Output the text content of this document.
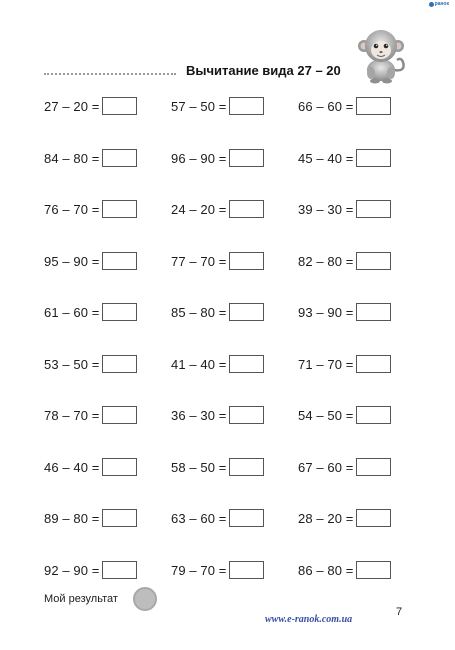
ранок
Вычитание вида 27 – 20
27 – 20 =	57 – 50 =	66 – 60 =
84 – 80 =	96 – 90 =	45 – 40 =
76 – 70 =	24 – 20 =	39 – 30 =
95 – 90 =	77 – 70 =	82 – 80 =
61 – 60 =	85 – 80 =	93 – 90 =
53 – 50 =	41 – 40 =	71 – 70 =
78 – 70 =	36 – 30 =	54 – 50 =
46 – 40 =	58 – 50 =	67 – 60 =
89 – 80 =	63 – 60 =	28 – 20 =
92 – 90 =	79 – 70 =	86 – 80 =
Мой результат
www.e-ranok.com.ua
7
